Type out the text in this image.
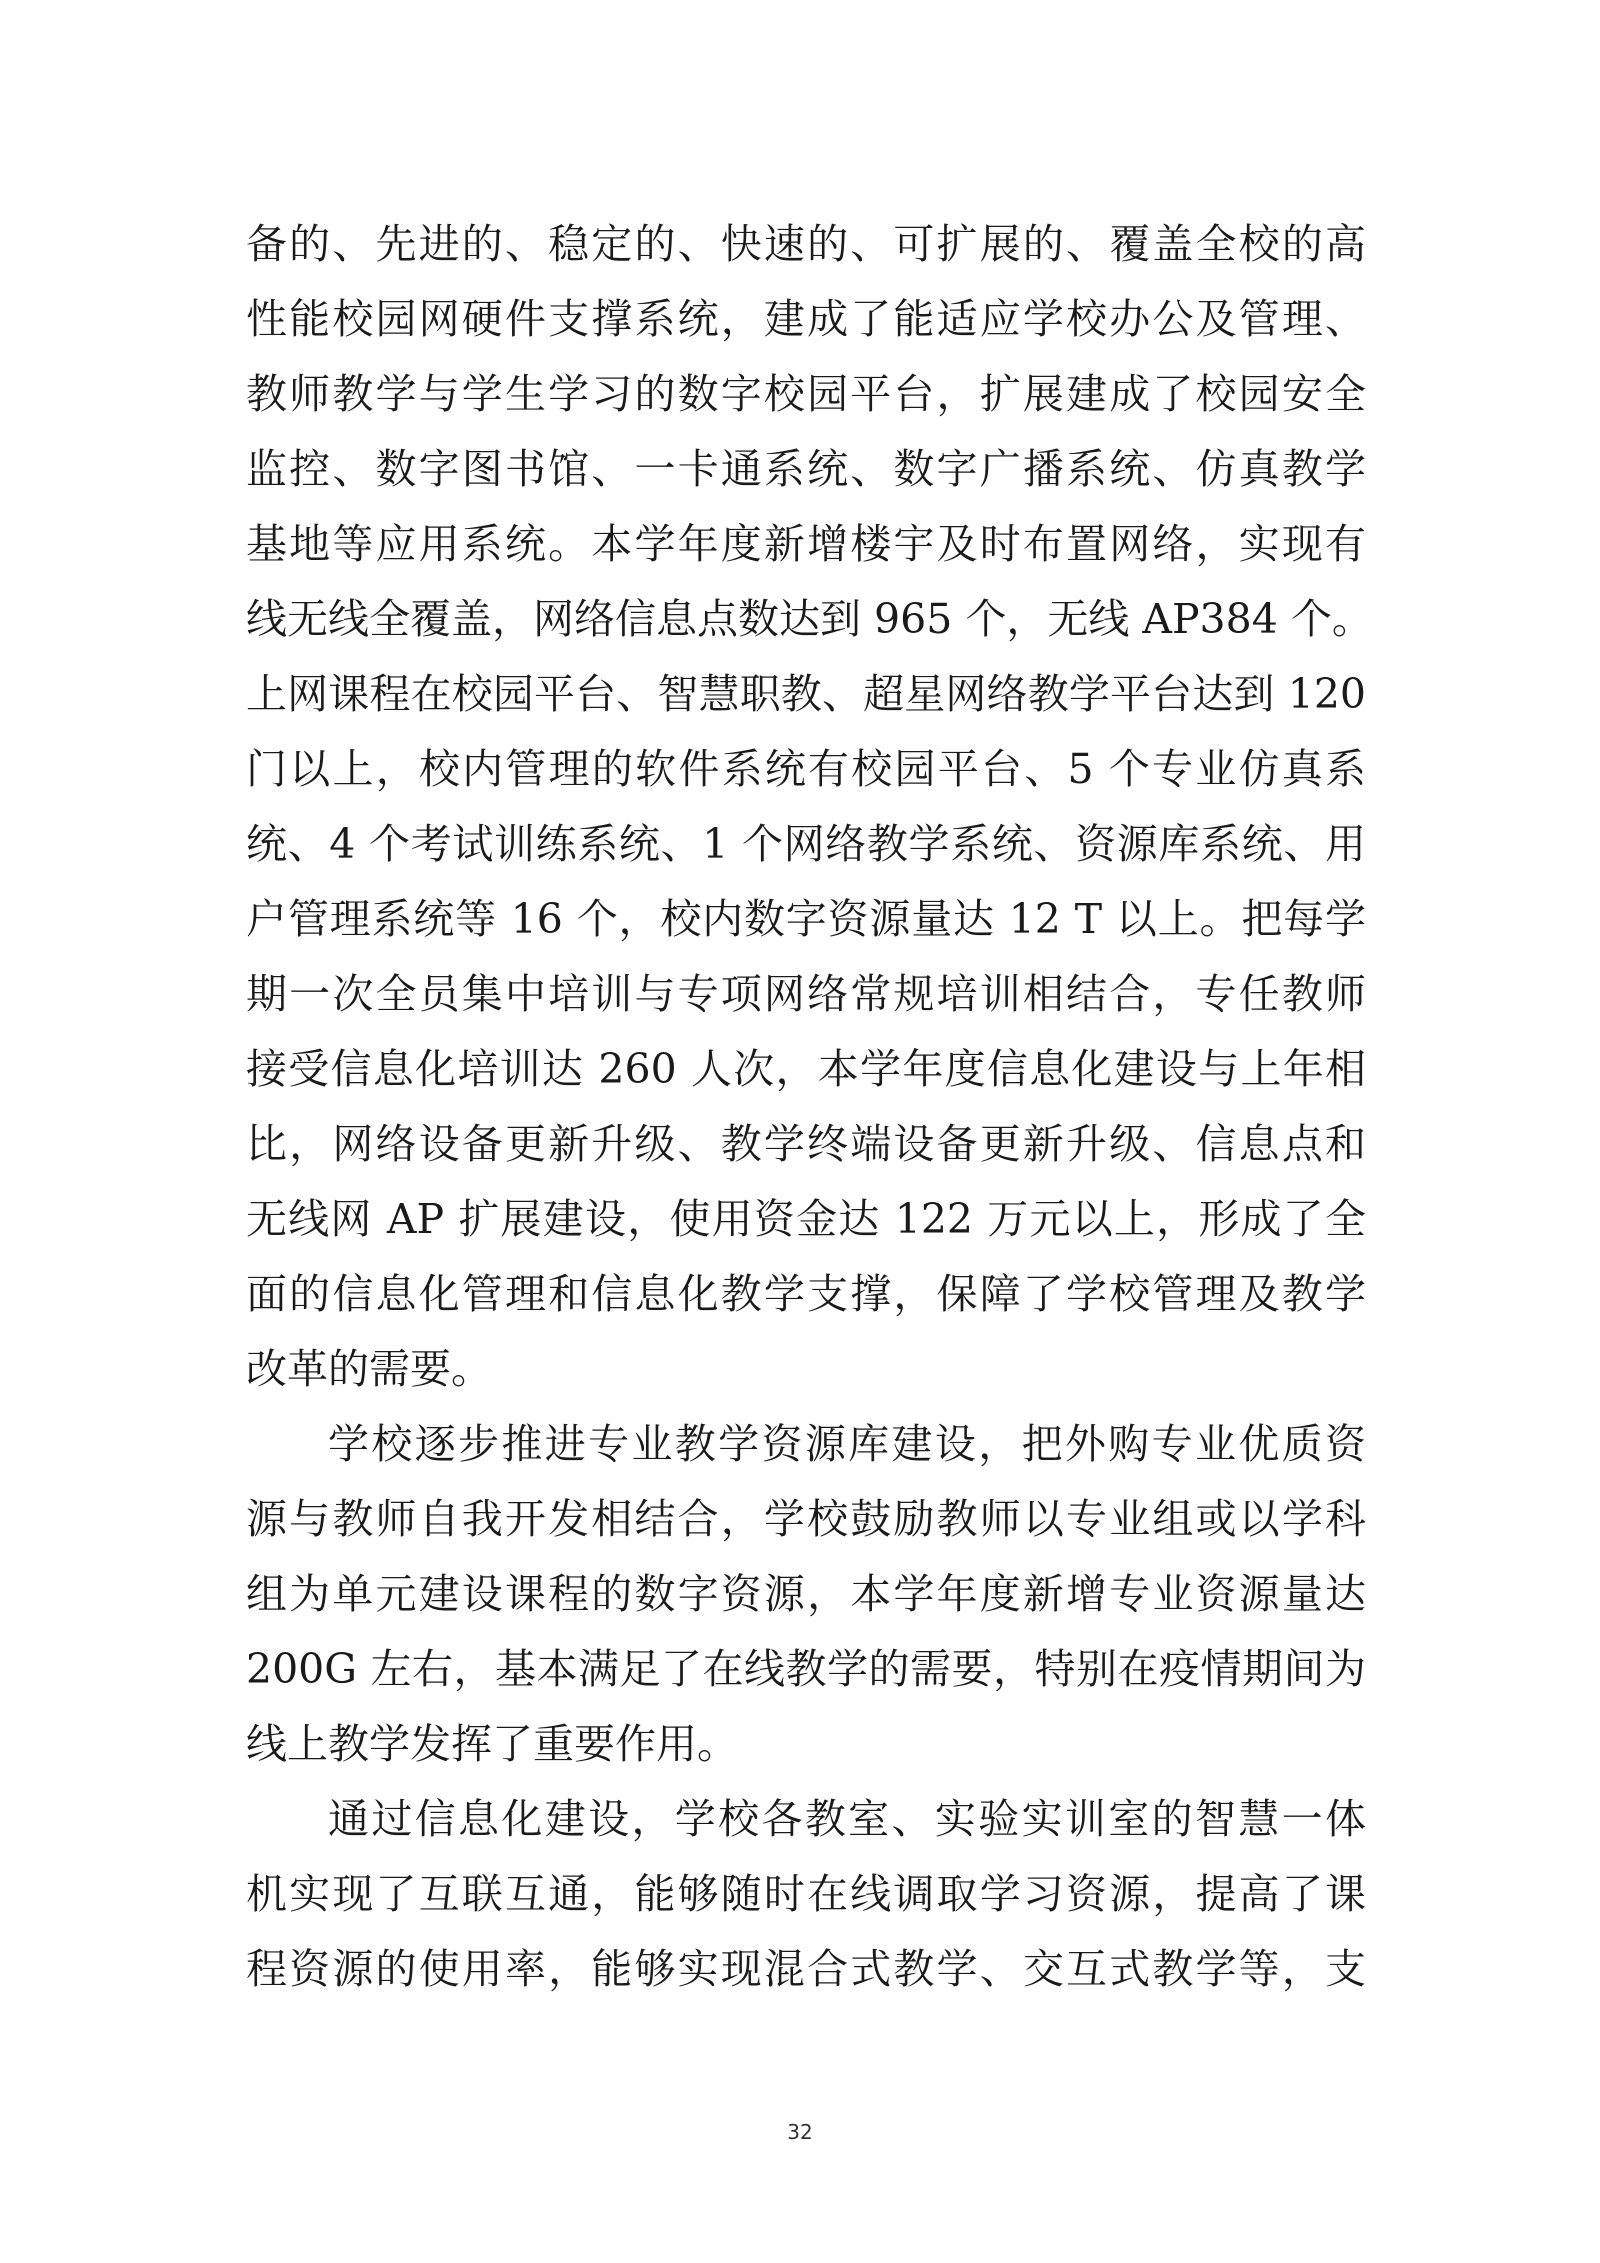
备的、先进的、稳定的、快速的、可扩展的、覆盖全校的高
性能校园网硬件支撑系统，建成了能适应学校办公及管理、
教师教学与学生学习的数字校园平台，扩展建成了校园安全
监控、数字图书馆、一卡通系统、数字广播系统、仿真教学
基地等应用系统。本学年度新增楼宇及时布置网络，实现有
线无线全覆盖，网络信息点数达到 965 个，无线 AP384 个。
上网课程在校园平台、智慧职教、超星网络教学平台达到 120
门以上，校内管理的软件系统有校园平台、5 个专业仿真系
统、4 个考试训练系统、1 个网络教学系统、资源库系统、用
户管理系统等 16 个，校内数字资源量达 12 T 以上。把每学
期一次全员集中培训与专项网络常规培训相结合，专任教师
接受信息化培训达 260 人次，本学年度信息化建设与上年相
比，网络设备更新升级、教学终端设备更新升级、信息点和
无线网 AP 扩展建设，使用资金达 122 万元以上，形成了全
面的信息化管理和信息化教学支撑，保障了学校管理及教学
改革的需要。
学校逐步推进专业教学资源库建设，把外购专业优质资
源与教师自我开发相结合，学校鼓励教师以专业组或以学科
组为单元建设课程的数字资源，本学年度新增专业资源量达
200G 左右，基本满足了在线教学的需要，特别在疫情期间为
线上教学发挥了重要作用。
通过信息化建设，学校各教室、实验实训室的智慧一体
机实现了互联互通，能够随时在线调取学习资源，提高了课
程资源的使用率，能够实现混合式教学、交互式教学等，支
32
